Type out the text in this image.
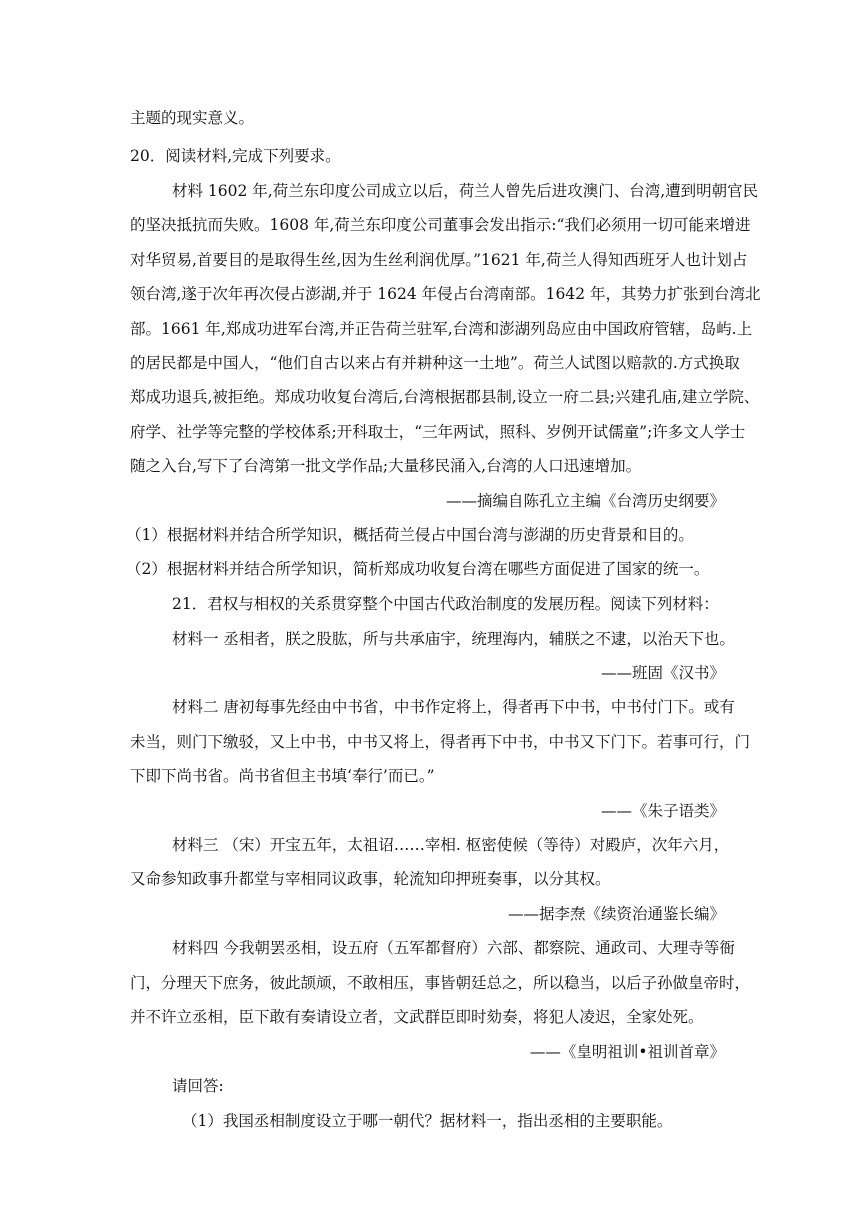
主题的现实意义。
20．阅读材料,完成下列要求。
材料 1602 年,荷兰东印度公司成立以后，荷兰人曾先后进攻澳门、台湾,遭到明朝官民
的坚决抵抗而失败。1608 年,荷兰东印度公司董事会发出指示:“我们必须用一切可能来增进
对华贸易,首要目的是取得生丝,因为生丝利润优厚。”1621 年,荷兰人得知西班牙人也计划占
领台湾,遂于次年再次侵占澎湖,并于 1624 年侵占台湾南部。1642 年，其势力扩张到台湾北
部。1661 年,郑成功进军台湾,并正告荷兰驻军,台湾和澎湖列岛应由中国政府管辖，岛屿.上
的居民都是中国人，“他们自古以来占有并耕种这一土地”。荷兰人试图以赔款的.方式换取
郑成功退兵,被拒绝。郑成功收复台湾后,台湾根据郡县制,设立一府二县;兴建孔庙,建立学院、
府学、社学等完整的学校体系;开科取士，“三年两试，照科、岁例开试儒童”;许多文人学士
随之入台,写下了台湾第一批文学作品;大量移民涌入,台湾的人口迅速增加。
——摘编自陈孔立主编《台湾历史纲要》
（1）根据材料并结合所学知识，概括荷兰侵占中国台湾与澎湖的历史背景和目的。
（2）根据材料并结合所学知识，简析郑成功收复台湾在哪些方面促进了国家的统一。
21．君权与相权的关系贯穿整个中国古代政治制度的发展历程。阅读下列材料：
材料一 丞相者，朕之股肱，所与共承庙宇，统理海内，辅朕之不逮，以治天下也。
——班固《汉书》
材料二 唐初每事先经由中书省，中书作定将上，得者再下中书，中书付门下。或有
未当，则门下缴驳，又上中书，中书又将上，得者再下中书，中书又下门下。若事可行，门
下即下尚书省。尚书省但主书填‘奉行’而已。”
——《朱子语类》
材料三 （宋）开宝五年，太祖诏……宰相. 枢密使候（等待）对殿庐，次年六月，
又命参知政事升都堂与宰相同议政事，轮流知印押班奏事，以分其权。
——据李焘《续资治通鉴长编》
材料四 今我朝罢丞相，设五府（五军都督府）六部、都察院、通政司、大理寺等衙
门，分理天下庶务，彼此颉颃，不敢相压，事皆朝廷总之，所以稳当，以后子孙做皇帝时，
并不许立丞相，臣下敢有奏请设立者，文武群臣即时劾奏，将犯人凌迟，全家处死。
——《皇明祖训•祖训首章》
请回答:
（1）我国丞相制度设立于哪一朝代？据材料一，指出丞相的主要职能。
